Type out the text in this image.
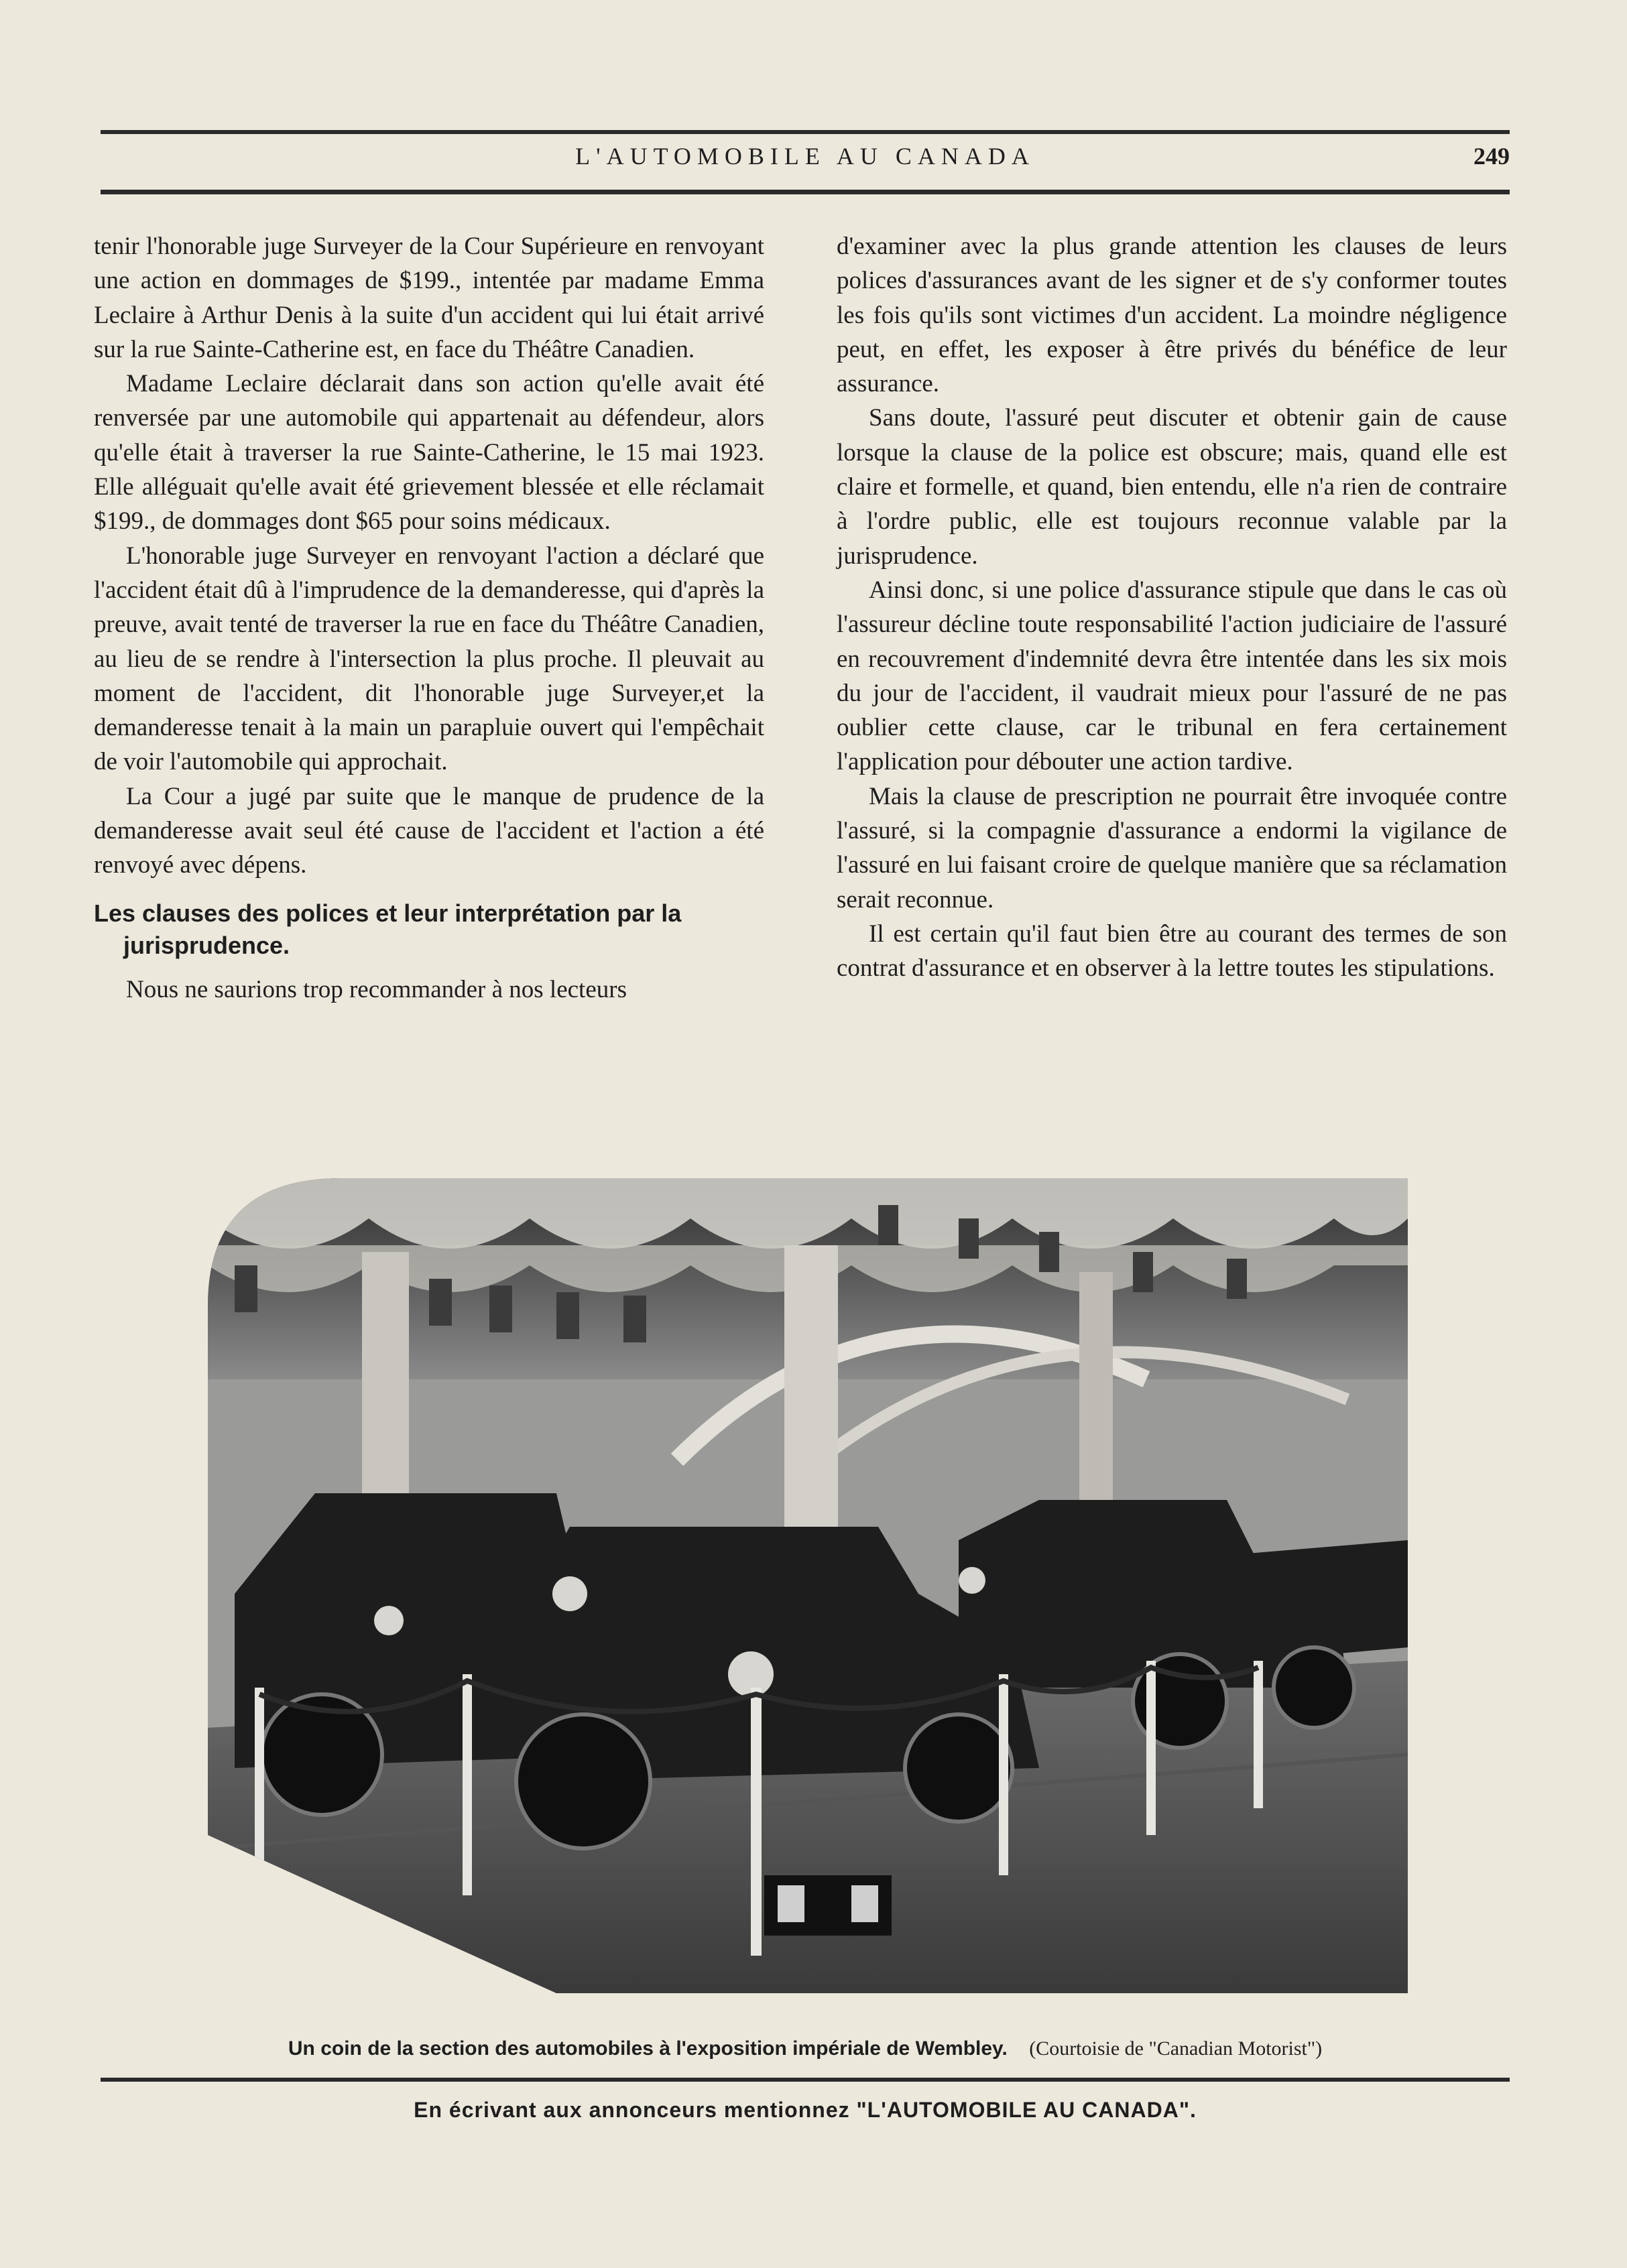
L'AUTOMOBILE AU CANADA	249

tenir l'honorable juge Surveyer de la Cour Supérieure en renvoyant une action en dommages de $199., intentée par madame Emma Leclaire à Arthur Denis à la suite d'un accident qui lui était arrivé sur la rue Sainte-Catherine est, en face du Théâtre Canadien.

Madame Leclaire déclarait dans son action qu'elle avait été renversée par une automobile qui appartenait au défendeur, alors qu'elle était à traverser la rue Sainte-Catherine, le 15 mai 1923. Elle alléguait qu'elle avait été grievement blessée et elle réclamait $199., de dommages dont $65 pour soins médicaux.

L'honorable juge Surveyer en renvoyant l'action a déclaré que l'accident était dû à l'imprudence de la demanderesse, qui d'après la preuve, avait tenté de traverser la rue en face du Théâtre Canadien, au lieu de se rendre à l'intersection la plus proche. Il pleuvait au moment de l'accident, dit l'honorable juge Surveyer,et la demanderesse tenait à la main un parapluie ouvert qui l'empêchait de voir l'automobile qui approchait.

La Cour a jugé par suite que le manque de prudence de la demanderesse avait seul été cause de l'accident et l'action a été renvoyé avec dépens.

Les clauses des polices et leur interprétation par la jurisprudence.

Nous ne saurions trop recommander à nos lecteurs

d'examiner avec la plus grande attention les clauses de leurs polices d'assurances avant de les signer et de s'y conformer toutes les fois qu'ils sont victimes d'un accident. La moindre négligence peut, en effet, les exposer à être privés du bénéfice de leur assurance.

Sans doute, l'assuré peut discuter et obtenir gain de cause lorsque la clause de la police est obscure; mais, quand elle est claire et formelle, et quand, bien entendu, elle n'a rien de contraire à l'ordre public, elle est toujours reconnue valable par la jurisprudence.

Ainsi donc, si une police d'assurance stipule que dans le cas où l'assureur décline toute responsabilité l'action judiciaire de l'assuré en recouvrement d'indemnité devra être intentée dans les six mois du jour de l'accident, il vaudrait mieux pour l'assuré de ne pas oublier cette clause, car le tribunal en fera certainement l'application pour débouter une action tardive.

Mais la clause de prescription ne pourrait être invoquée contre l'assuré, si la compagnie d'assurance a endormi la vigilance de l'assuré en lui faisant croire de quelque manière que sa réclamation serait reconnue.

Il est certain qu'il faut bien être au courant des termes de son contrat d'assurance et en observer à la lettre toutes les stipulations.

Un coin de la section des automobiles à l'exposition impériale de Wembley. (Courtoisie de "Canadian Motorist")
En écrivant aux annonceurs mentionnez "L'AUTOMOBILE AU CANADA".
